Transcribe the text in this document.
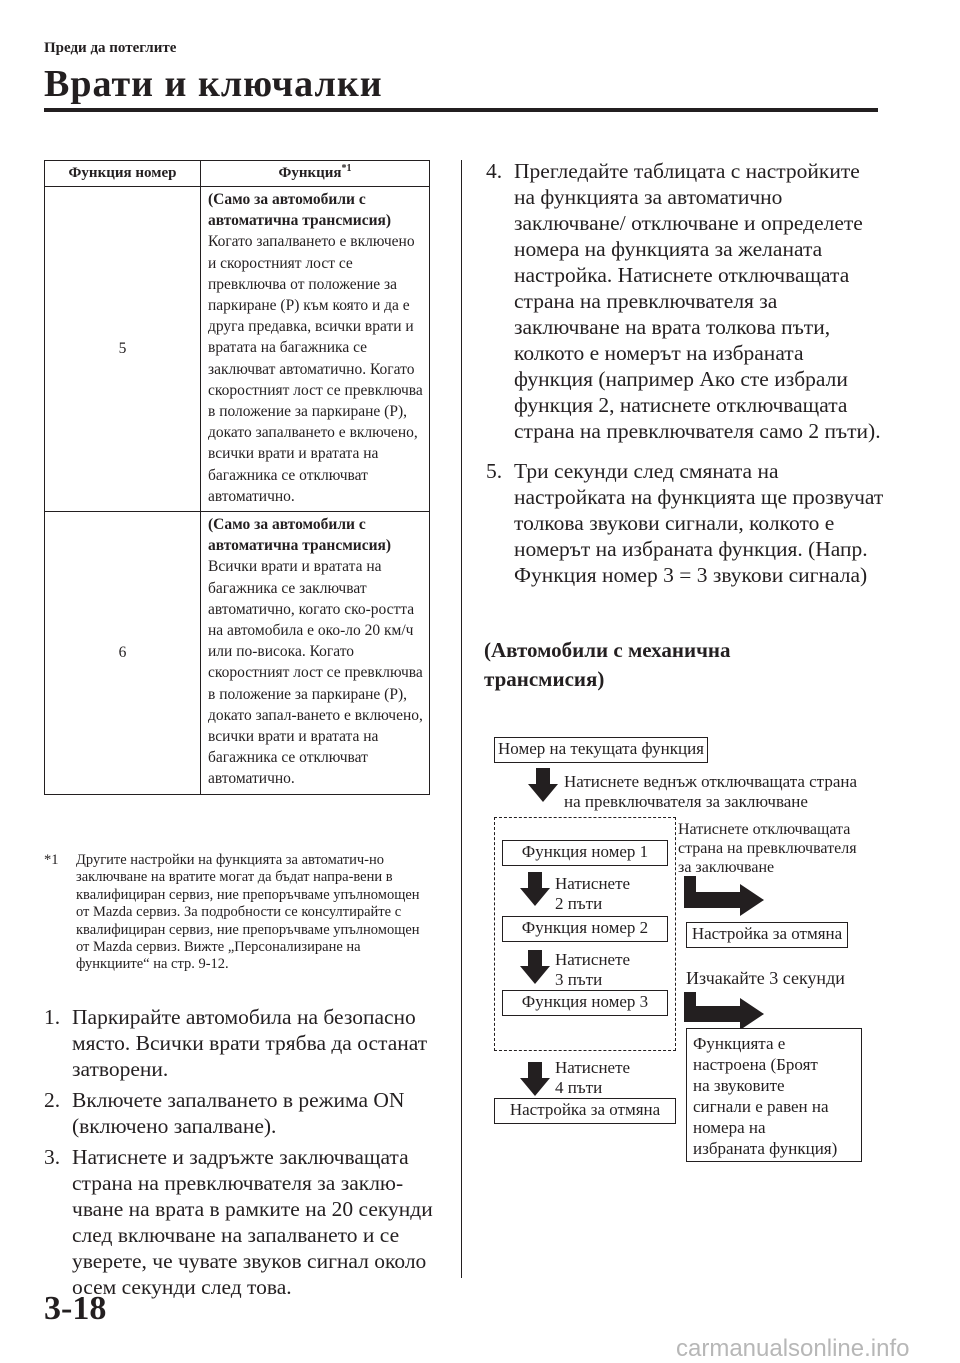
Преди да потеглите
Врати и ключалки
Функция номер	Функция$^{*1}$
5	(Само за автомобили с автоматична трансмисия)
Когато запалването е включено и скоростният лост се превключва от положение за паркиране (P) към която и да е друга предавка, всички врати и вратата на багажника се заключват автоматично. Когато скоростният лост се превключва в положение за паркиране (P), докато запалването е включено, всички врати и вратата на багажника се отключват автоматично.
6	(Само за автомобили с автоматична трансмисия)
Всички врати и вратата на багажника се заключват автоматично, когато ско-ростта на автомобила е око-ло 20 км/ч или по-висока. Когато скоростният лост се превключва в положение за паркиране (P), докато запал-ването е включено, всички врати и вратата на багажника се отключват автоматично.
*1	Другите настройки на функцията за автоматич-но заключване на вратите могат да бъдат напра-вени в квалифициран сервиз, ние препоръчваме упълномощен от Mazda сервиз. За подробности се консултирайте с квалифициран сервиз, ние препоръчваме упълномощен от Mazda сервиз. Вижте „Персонализиране на функциите“ на стр. 9-12.
1. Паркирайте автомобила на безопасно място. Всички врати трябва да останат затворени.
2. Включете запалването в режима ON (включено запалване).
3. Натиснете и задръжте заключващата страна на превключвателя за заклю-чване на врата в рамките на 20 секунди след включване на запалването и се уверете, че чувате звуков сигнал около осем секунди след това.
4. Прегледайте таблицата с настройките на функцията за автоматично заключване/ отключване и определете номера на функцията за желаната настройка. Натиснете отключващата страна на превключвателя за заключване на врата толкова пъти, колкото е номерът на избраната функция (например Ако сте избрали функция 2, натиснете отключващата страна на превключвателя само 2 пъти).
5. Три секунди след смяната на настройката на функцията ще прозвучат толкова звукови сигнали, колкото е номерът на избраната функция. (Напр. Функция номер 3 = 3 звукови сигнала)
(Автомобили с механична
трансмисия)
Номер на текущата функция
Натиснете веднъж отключващата страна
на превключвателя за заключване
Функция номер 1
Натиснете
2 пъти
Функция номер 2
Натиснете
3 пъти
Функция номер 3
Натиснете
4 пъти
Настройка за отмяна
Натиснете отключващата
страна на превключвателя
за заключване
Настройка за отмяна
Изчакайте 3 секунди
Функцията е
настроена (Броят
на звуковите
сигнали е равен на
номера на
избраната функция)
3-18
carmanualsonline.info
